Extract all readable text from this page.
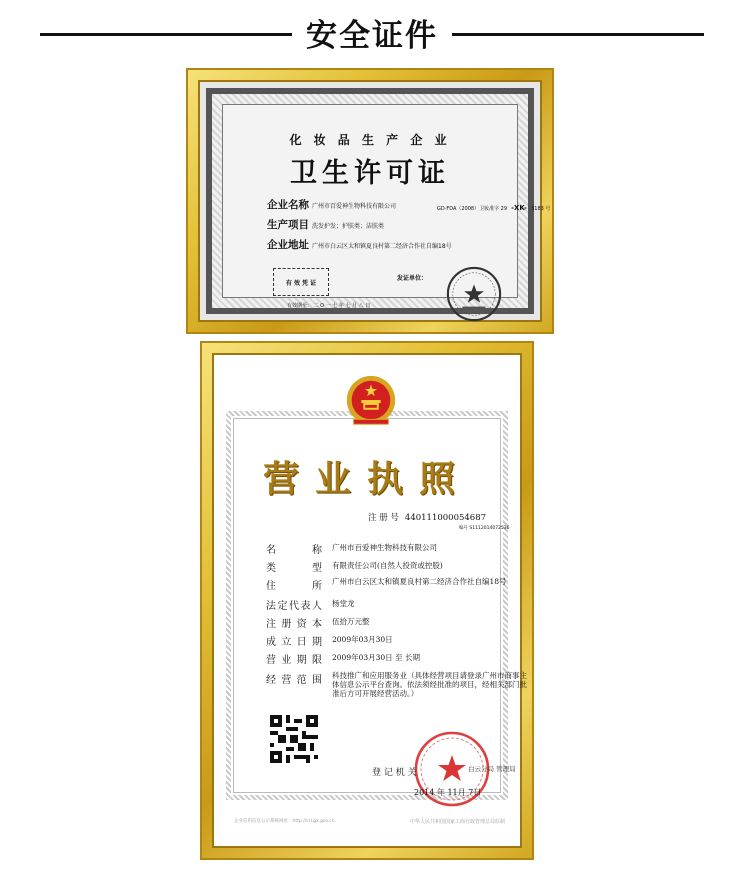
安全证件
化 妆 品 生 产 企 业
卫生许可证
GD·FDA（2008）卫妆准字 29 -XK- 3183 号
企业名称 广州市百爱神生物科技有限公司
生产项目 洗发护发；护肤类；洁肤类
企业地址 广州市白云区太和镇夏良村第二经济合作社自编18号
有 效 凭 证
发证单位：
有效期至： 二 O 一 七 年 七 月 八 日
营业执照
注 册 号 440111000054687
编号 S1112014072536
名称 广州市百爱神生物科技有限公司
类型 有限责任公司(自然人投资或控股)
住所 广州市白云区太和镇夏良村第二经济合作社自编18号
法定代表人 杨堂龙
注册资本 伍拾万元整
成立日期 2009年03月30日
营业期限 2009年03月30日 至 长期
经营范围 科技推广和应用服务业（具体经营项目请登录广州市商事主体信息公示平台查询。依法须经批准的项目，经相关部门批准后方可开展经营活动。）
登 记 机 关	白云分局 管理局
2014 年 11月 7日
企业信用信息公示系统网址：http://cri.gz.gov.cn	中华人民共和国国家工商行政管理总局监制
